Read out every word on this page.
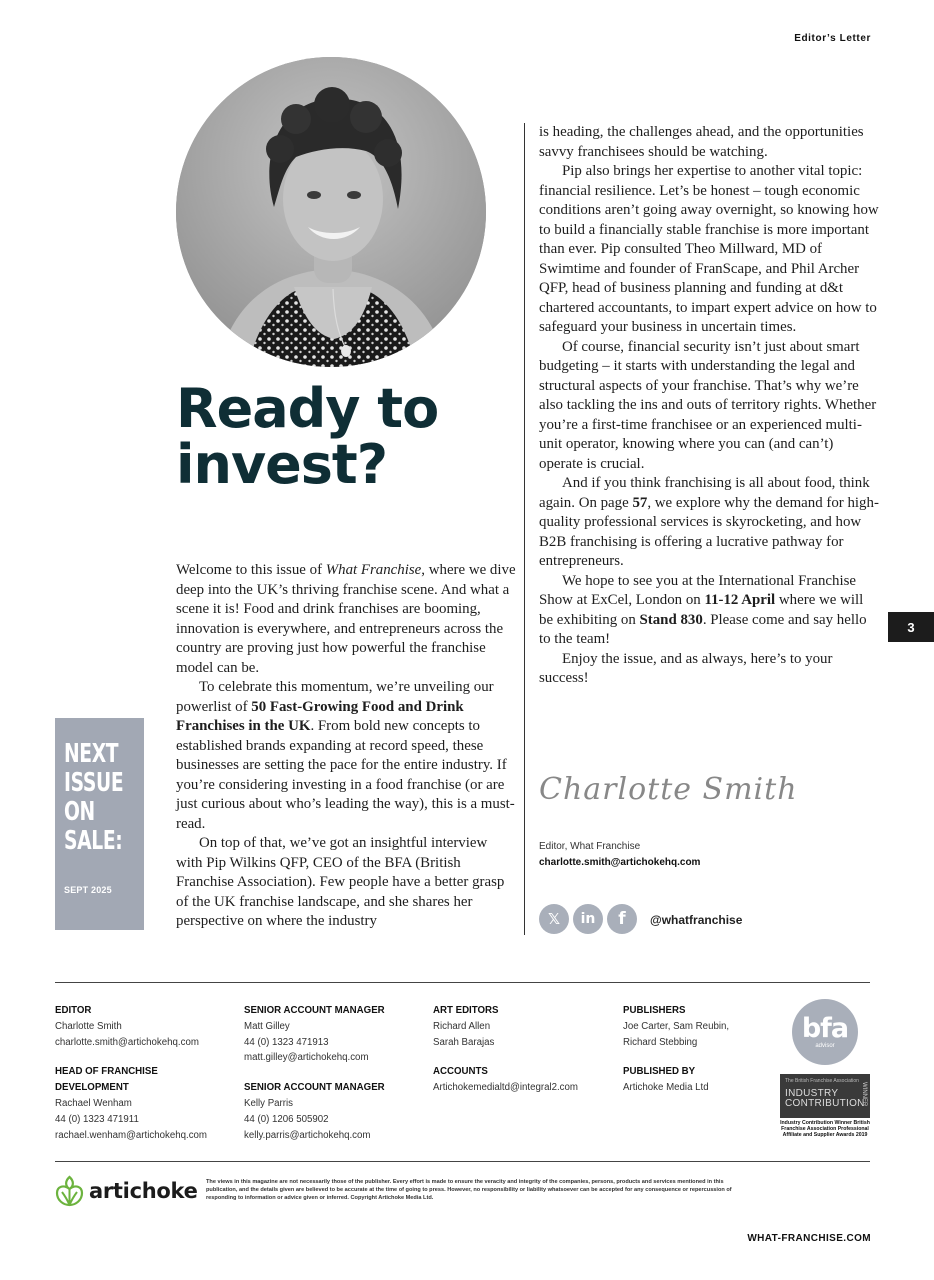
Editor’s Letter
Ready to
invest?

Welcome to this issue of What Franchise, where we dive deep into the UK’s thriving franchise scene. And what a scene it is! Food and drink franchises are booming, innovation is everywhere, and entrepreneurs across the country are proving just how powerful the franchise model can be.

To celebrate this momentum, we’re unveiling our powerlist of 50 Fast-Growing Food and Drink Franchises in the UK. From bold new concepts to established brands expanding at record speed, these businesses are setting the pace for the entire industry. If you’re considering investing in a food franchise (or are just curious about who’s leading the way), this is a must-read.

On top of that, we’ve got an insightful interview with Pip Wilkins QFP, CEO of the BFA (British Franchise Association). Few people have a better grasp of the UK franchise landscape, and she shares her perspective on where the industry

is heading, the challenges ahead, and the opportunities savvy franchisees should be watching.

Pip also brings her expertise to another vital topic: financial resilience. Let’s be honest – tough economic conditions aren’t going away overnight, so knowing how to build a financially stable franchise is more important than ever. Pip consulted Theo Millward, MD of Swimtime and founder of FranScape, and Phil Archer QFP, head of business planning and funding at d&t chartered accountants, to impart expert advice on how to safeguard your business in uncertain times.

Of course, financial security isn’t just about smart budgeting – it starts with understanding the legal and structural aspects of your franchise. That’s why we’re also tackling the ins and outs of territory rights. Whether you’re a first-time franchisee or an experienced multi-unit operator, knowing where you can (and can’t) operate is crucial.

And if you think franchising is all about food, think again. On page 57, we explore why the demand for high-quality professional services is skyrocketing, and how B2B franchising is offering a lucrative pathway for entrepreneurs.

We hope to see you at the International Franchise Show at ExCel, London on 11-12 April where we will be exhibiting on Stand 830. Please come and say hello to the team!

Enjoy the issue, and as always, here’s to your success!

NEXT
ISSUE
ON
SALE:
SEPT 2025
Charlotte Smith
Editor, What Franchise
charlotte.smith@artichokehq.com
𝕏	in	f	@whatfranchise
3
EDITOR
Charlotte Smith
charlotte.smith@artichokehq.com
HEAD OF FRANCHISE
DEVELOPMENT
Rachael Wenham
44 (0) 1323 471911
rachael.wenham@artichokehq.com
SENIOR ACCOUNT MANAGER
Matt Gilley
44 (0) 1323 471913
matt.gilley@artichokehq.com
SENIOR ACCOUNT MANAGER
Kelly Parris
44 (0) 1206 505902
kelly.parris@artichokehq.com
ART EDITORS
Richard Allen
Sarah Barajas
ACCOUNTS
Artichokemedialtd@integral2.com
PUBLISHERS
Joe Carter, Sam Reubin,
Richard Stebbing
PUBLISHED BY
Artichoke Media Ltd
bfa
advisor
The British Franchise Association
INDUSTRY
CONTRIBUTION
WINNER
Industry Contribution Winner British Franchise Association Professional Affiliate and Supplier Awards 2019
artichoke The views in this magazine are not necessarily those of the publisher. Every effort is made to ensure the veracity and integrity of the companies, persons, products and services mentioned in this publication, and the details given are believed to be accurate at the time of going to press. However, no responsibility or liability whatsoever can be accepted for any consequence or repercussion of responding to information or advice given or inferred. Copyright Artichoke Media Ltd.
WHAT-FRANCHISE.COM
